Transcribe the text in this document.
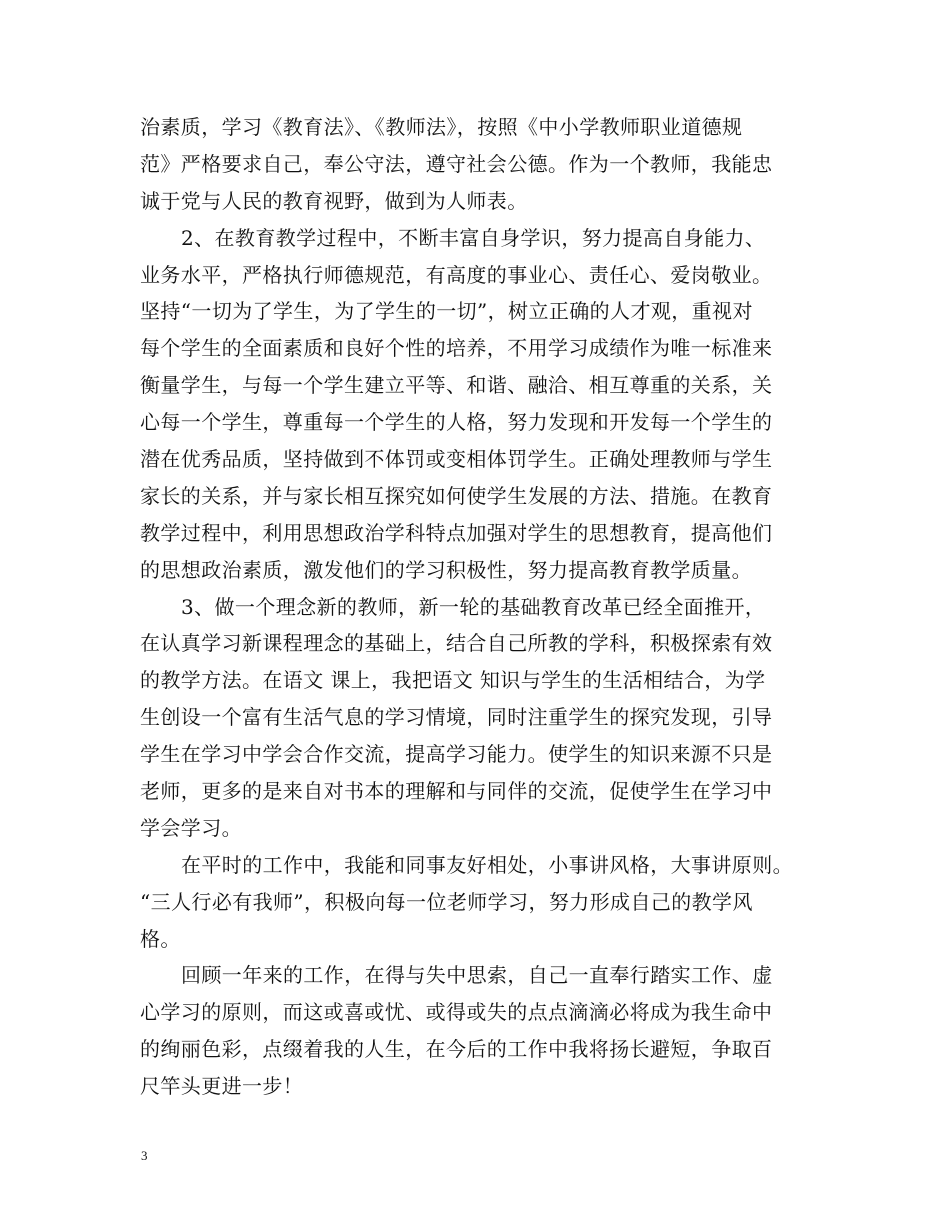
治素质，学习《教育法》、《教师法》，按照《中小学教师职业道德规
范》严格要求自己，奉公守法，遵守社会公德。作为一个教师，我能忠
诚于党与人民的教育视野，做到为人师表。
2、在教育教学过程中，不断丰富自身学识，努力提高自身能力、
业务水平，严格执行师德规范，有高度的事业心、责任心、爱岗敬业。
坚持“一切为了学生，为了学生的一切”，树立正确的人才观，重视对
每个学生的全面素质和良好个性的培养，不用学习成绩作为唯一标准来
衡量学生，与每一个学生建立平等、和谐、融洽、相互尊重的关系，关
心每一个学生，尊重每一个学生的人格，努力发现和开发每一个学生的
潜在优秀品质，坚持做到不体罚或变相体罚学生。正确处理教师与学生
家长的关系，并与家长相互探究如何使学生发展的方法、措施。在教育
教学过程中，利用思想政治学科特点加强对学生的思想教育，提高他们
的思想政治素质，激发他们的学习积极性，努力提高教育教学质量。
3、做一个理念新的教师，新一轮的基础教育改革已经全面推开，
在认真学习新课程理念的基础上，结合自己所教的学科，积极探索有效
的教学方法。在语文 课上，我把语文 知识与学生的生活相结合，为学
生创设一个富有生活气息的学习情境，同时注重学生的探究发现，引导
学生在学习中学会合作交流，提高学习能力。使学生的知识来源不只是
老师，更多的是来自对书本的理解和与同伴的交流，促使学生在学习中
学会学习。
在平时的工作中，我能和同事友好相处，小事讲风格，大事讲原则。
“三人行必有我师”，积极向每一位老师学习，努力形成自己的教学风
格。
回顾一年来的工作，在得与失中思索，自己一直奉行踏实工作、虚
心学习的原则，而这或喜或忧、或得或失的点点滴滴必将成为我生命中
的绚丽色彩，点缀着我的人生，在今后的工作中我将扬长避短，争取百
尺竿头更进一步！
3
